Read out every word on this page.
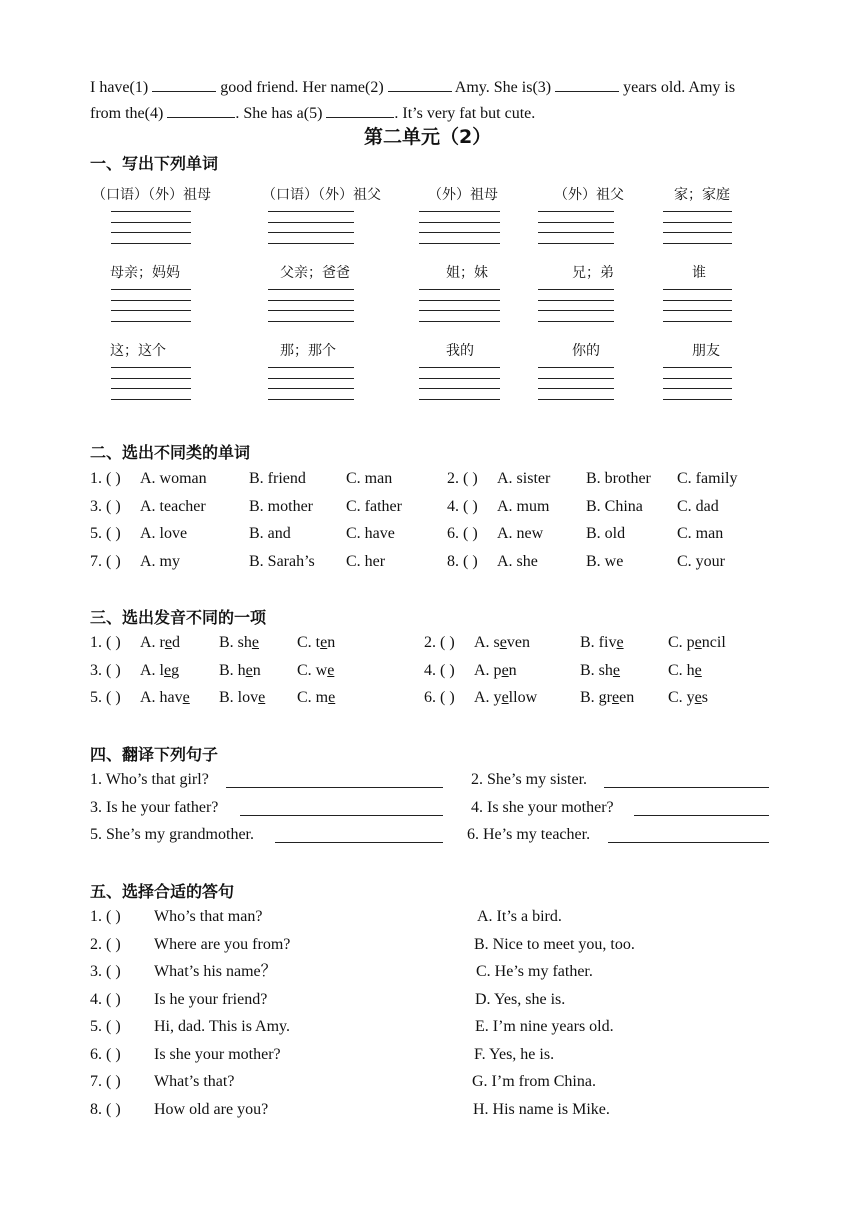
I have(1)	good friend. Her name(2)	Amy. She is(3)	years old. Amy is
from the(4)	. She has a(5)	. It’s very fat but cute.
第二单元（2）
一、写出下列单词
（口语）（外）祖母	（口语）（外）祖父	（外）祖母	（外）祖父	家；家庭
母亲；妈妈	父亲；爸爸	姐；妹	兄；弟	谁
这；这个	那；那个	我的	你的	朋友
二、选出不同类的单词
1. ( ) A. woman	B. friend	C. man	2. ( ) A. sister B. brother C. family
3. ( ) A. teacher	B. mother C. father	4. ( ) A. mum B. China C. dad
5. ( ) A. love	B. and	C. have	6. ( ) A. new	B. old	C. man
7. ( ) A. my	B. Sarah’s C. her	8. ( ) A. she	B. we	C. your
三、选出发音不同的一项
1. ( ) A. red B. she C. ten	2. ( ) A. seven	B. five	C. pencil
3. ( ) A. leg B. hen C. we	4. ( ) A. pen	B. she	C. he
5. ( ) A. have B. love C. me	6. ( ) A. yellow	B. green C. yes
四、翻译下列句子
1. Who’s that girl?	2. She’s my sister.
3. Is he your father?	4. Is she your mother?
5. She’s my grandmother.	6. He’s my teacher.
五、选择合适的答句
1. ( ) Who’s that man?	A. It’s a bird.
2. ( ) Where are you from?	B. Nice to meet you, too.
3. ( ) What’s his name？	C. He’s my father.
4. ( ) Is he your friend?	D. Yes, she is.
5. ( ) Hi, dad. This is Amy.	E. I’m nine years old.
6. ( ) Is she your mother?	F. Yes, he is.
7. ( ) What’s that?	G. I’m from China.
8. ( ) How old are you?	H. His name is Mike.
